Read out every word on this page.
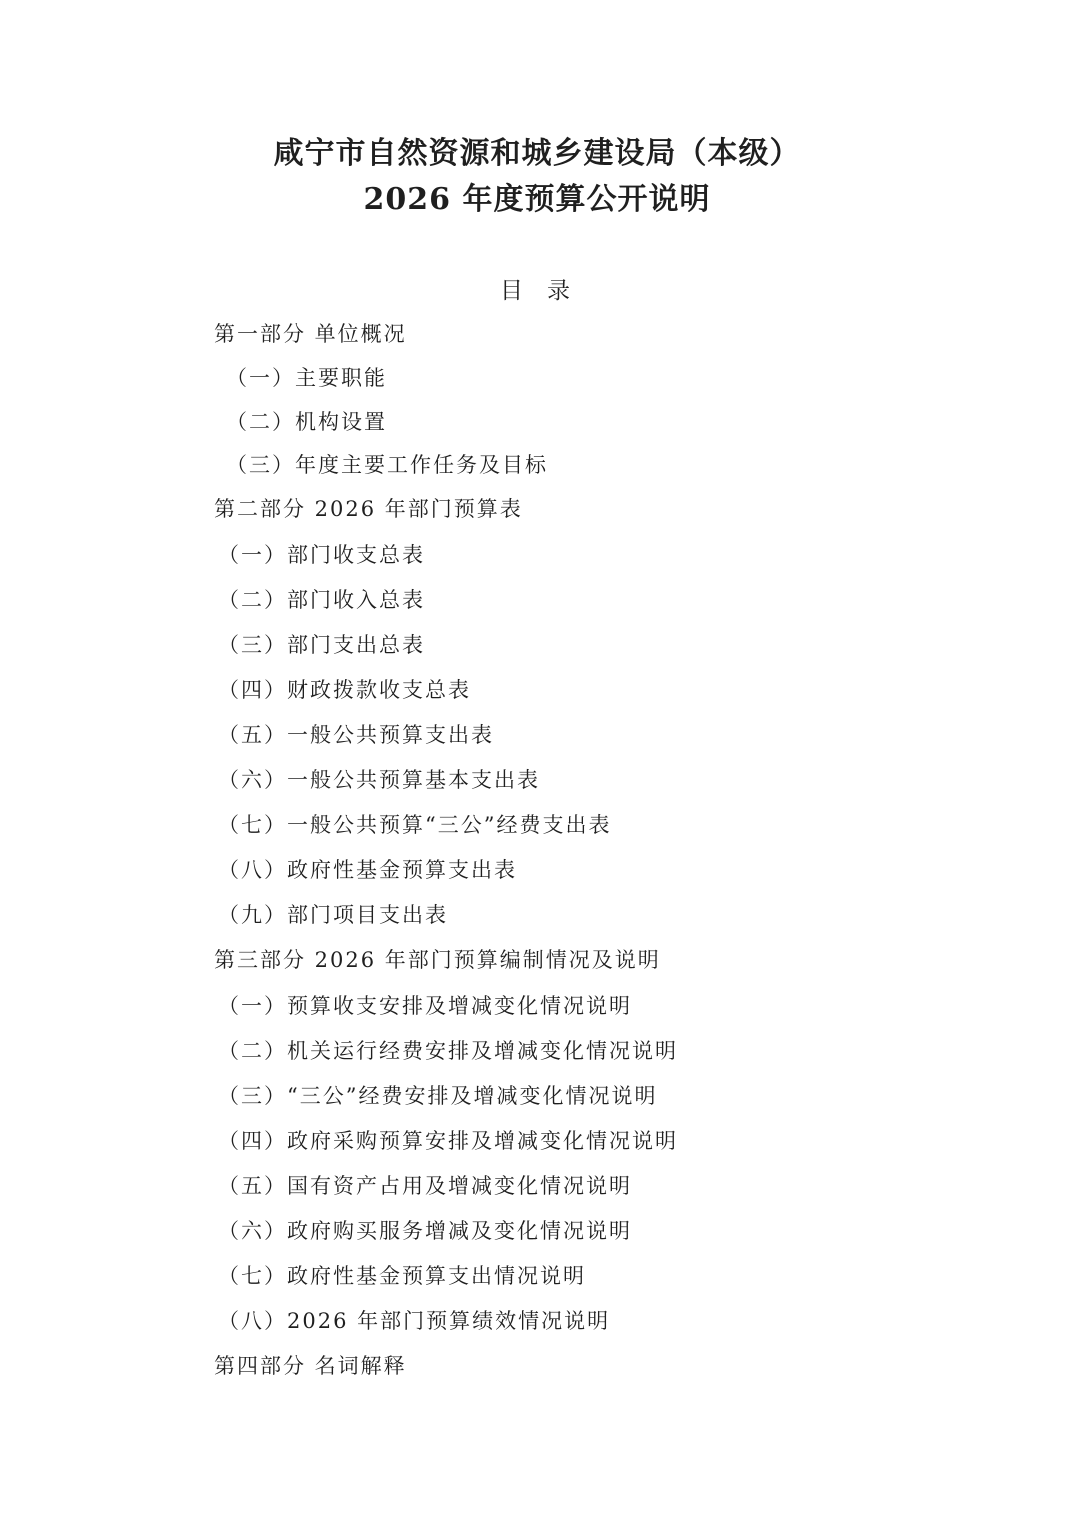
咸宁市自然资源和城乡建设局（本级）
2026 年度预算公开说明
目 录
第一部分 单位概况
（一）主要职能
（二）机构设置
（三）年度主要工作任务及目标
第二部分 2026 年部门预算表
（一）部门收支总表
（二）部门收入总表
（三）部门支出总表
（四）财政拨款收支总表
（五）一般公共预算支出表
（六）一般公共预算基本支出表
（七）一般公共预算“三公”经费支出表
（八）政府性基金预算支出表
（九）部门项目支出表
第三部分 2026 年部门预算编制情况及说明
（一）预算收支安排及增减变化情况说明
（二）机关运行经费安排及增减变化情况说明
（三）“三公”经费安排及增减变化情况说明
（四）政府采购预算安排及增减变化情况说明
（五）国有资产占用及增减变化情况说明
（六）政府购买服务增减及变化情况说明
（七）政府性基金预算支出情况说明
（八）2026 年部门预算绩效情况说明
第四部分 名词解释
